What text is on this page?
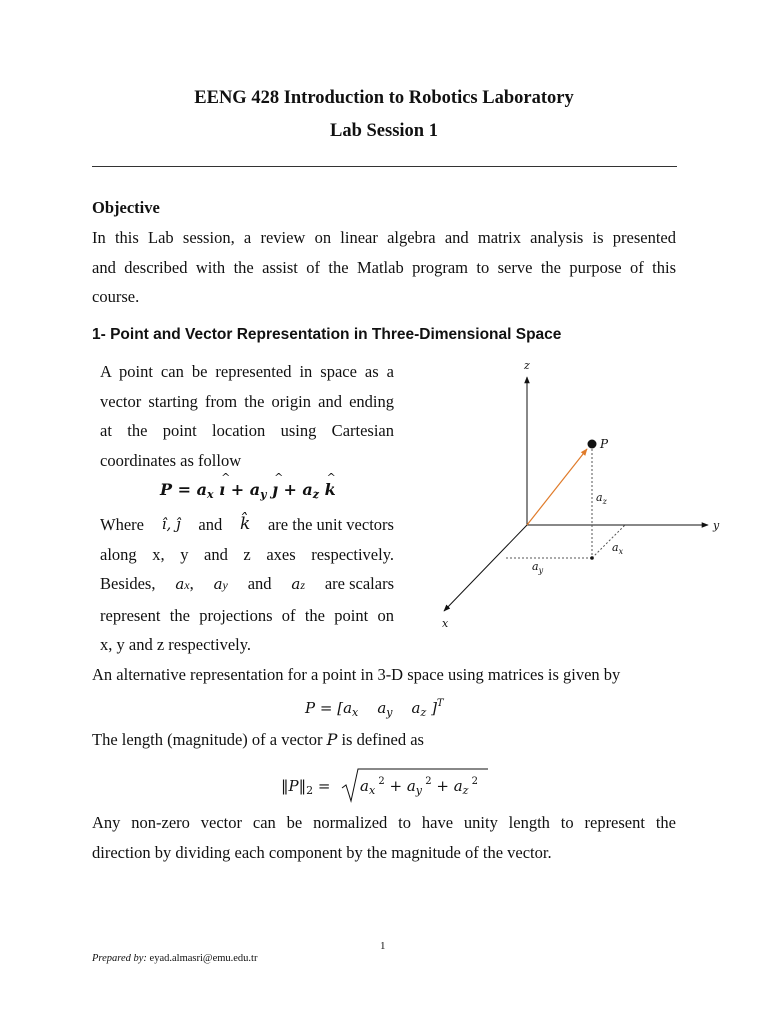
EENG 428 Introduction to Robotics Laboratory
Lab Session 1
Objective
In this Lab session, a review on linear algebra and matrix analysis is presented
and described with the assist of the Matlab program to serve the purpose of this
course.
1- Point and Vector Representation in Three-Dimensional Space
A point can be represented in space as a
vector starting from the origin and ending
at the point location using Cartesian
coordinates as follow
$P = a_x$ ^ ı + $a_y$ ^ ȷ + $a_z$ ^ k
Where ı̂, ȷ̂ and k̂ are the unit vectors
along x, y and z axes respectively.
Besides, ax, ay and az are scalars
represent the projections of the point on
x, y and z respectively.
z
y
x
P
$a_z$
$a_x$
$a_y$
An alternative representation for a point in 3-D space using matrices is given by
$P = [a_x$    $a_y$    $a_z$ ]$^T$
The length (magnitude) of a vector P is defined as
$‖P‖_2 = a_x$ $^2 + a_y$ $^2 + a_z$ $^2$
Any non-zero vector can be normalized to have unity length to represent the
direction by dividing each component by the magnitude of the vector.
1
Prepared by: eyad.almasri@emu.edu.tr
